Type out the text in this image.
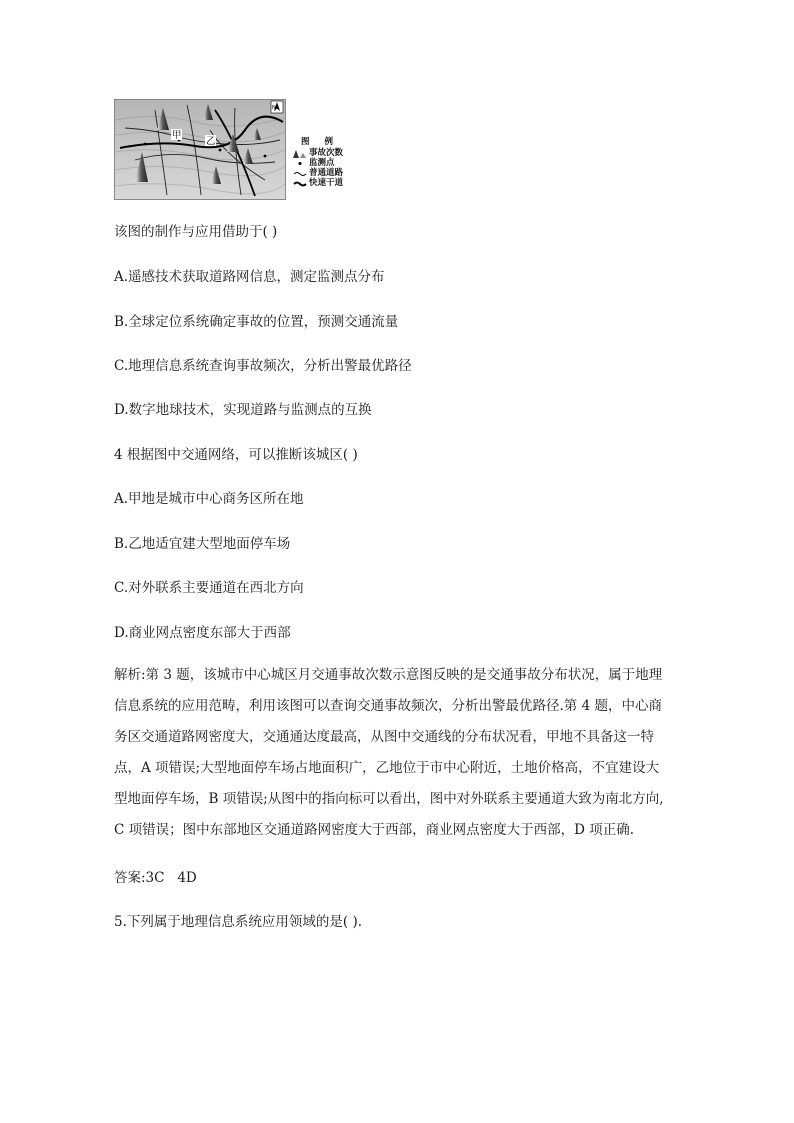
甲
乙
N
图 例
事故次数
监测点
普通道路
快速干道
该图的制作与应用借助于( )
A.遥感技术获取道路网信息，测定监测点分布
B.全球定位系统确定事故的位置，预测交通流量
C.地理信息系统查询事故频次，分析出警最优路径
D.数字地球技术，实现道路与监测点的互换
4 根据图中交通网络，可以推断该城区( )
A.甲地是城市中心商务区所在地
B.乙地适宜建大型地面停车场
C.对外联系主要通道在西北方向
D.商业网点密度东部大于西部
解析:第 3 题，该城市中心城区月交通事故次数示意图反映的是交通事故分布状况，属于地理
信息系统的应用范畴，利用该图可以查询交通事故频次，分析出警最优路径.第 4 题，中心商
务区交通道路网密度大，交通通达度最高，从图中交通线的分布状况看，甲地不具备这一特
点，A 项错误;大型地面停车场占地面积广，乙地位于市中心附近，土地价格高，不宜建设大
型地面停车场，B 项错误;从图中的指向标可以看出，图中对外联系主要通道大致为南北方向,
C 项错误；图中东部地区交通道路网密度大于西部，商业网点密度大于西部，D 项正确.
答案:3C   4D
5.下列属于地理信息系统应用领域的是( ).
